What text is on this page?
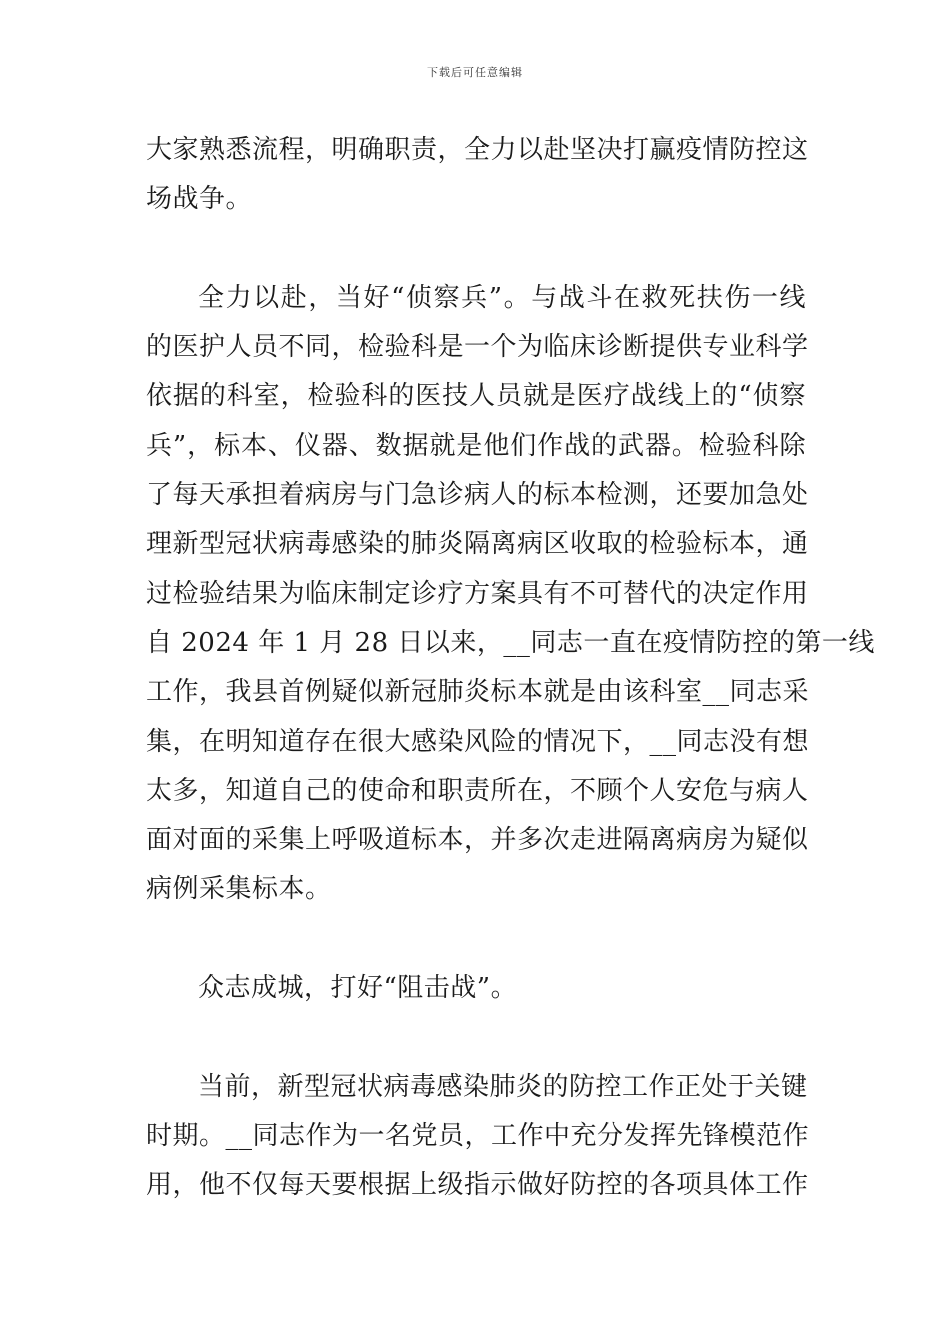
下载后可任意编辑
大家熟悉流程，明确职责，全力以赴坚决打赢疫情防控这
场战争。
全力以赴，当好“侦察兵”。与战斗在救死扶伤一线
的医护人员不同，检验科是一个为临床诊断提供专业科学
依据的科室，检验科的医技人员就是医疗战线上的“侦察
兵”，标本、仪器、数据就是他们作战的武器。检验科除
了每天承担着病房与门急诊病人的标本检测，还要加急处
理新型冠状病毒感染的肺炎隔离病区收取的检验标本，通
过检验结果为临床制定诊疗方案具有不可替代的决定作用
自 2024 年 1 月 28 日以来，__同志一直在疫情防控的第一线
工作，我县首例疑似新冠肺炎标本就是由该科室__同志采
集，在明知道存在很大感染风险的情况下，__同志没有想
太多，知道自己的使命和职责所在，不顾个人安危与病人
面对面的采集上呼吸道标本，并多次走进隔离病房为疑似
病例采集标本。
众志成城，打好“阻击战”。
当前，新型冠状病毒感染肺炎的防控工作正处于关键
时期。__同志作为一名党员，工作中充分发挥先锋模范作
用，他不仅每天要根据上级指示做好防控的各项具体工作
